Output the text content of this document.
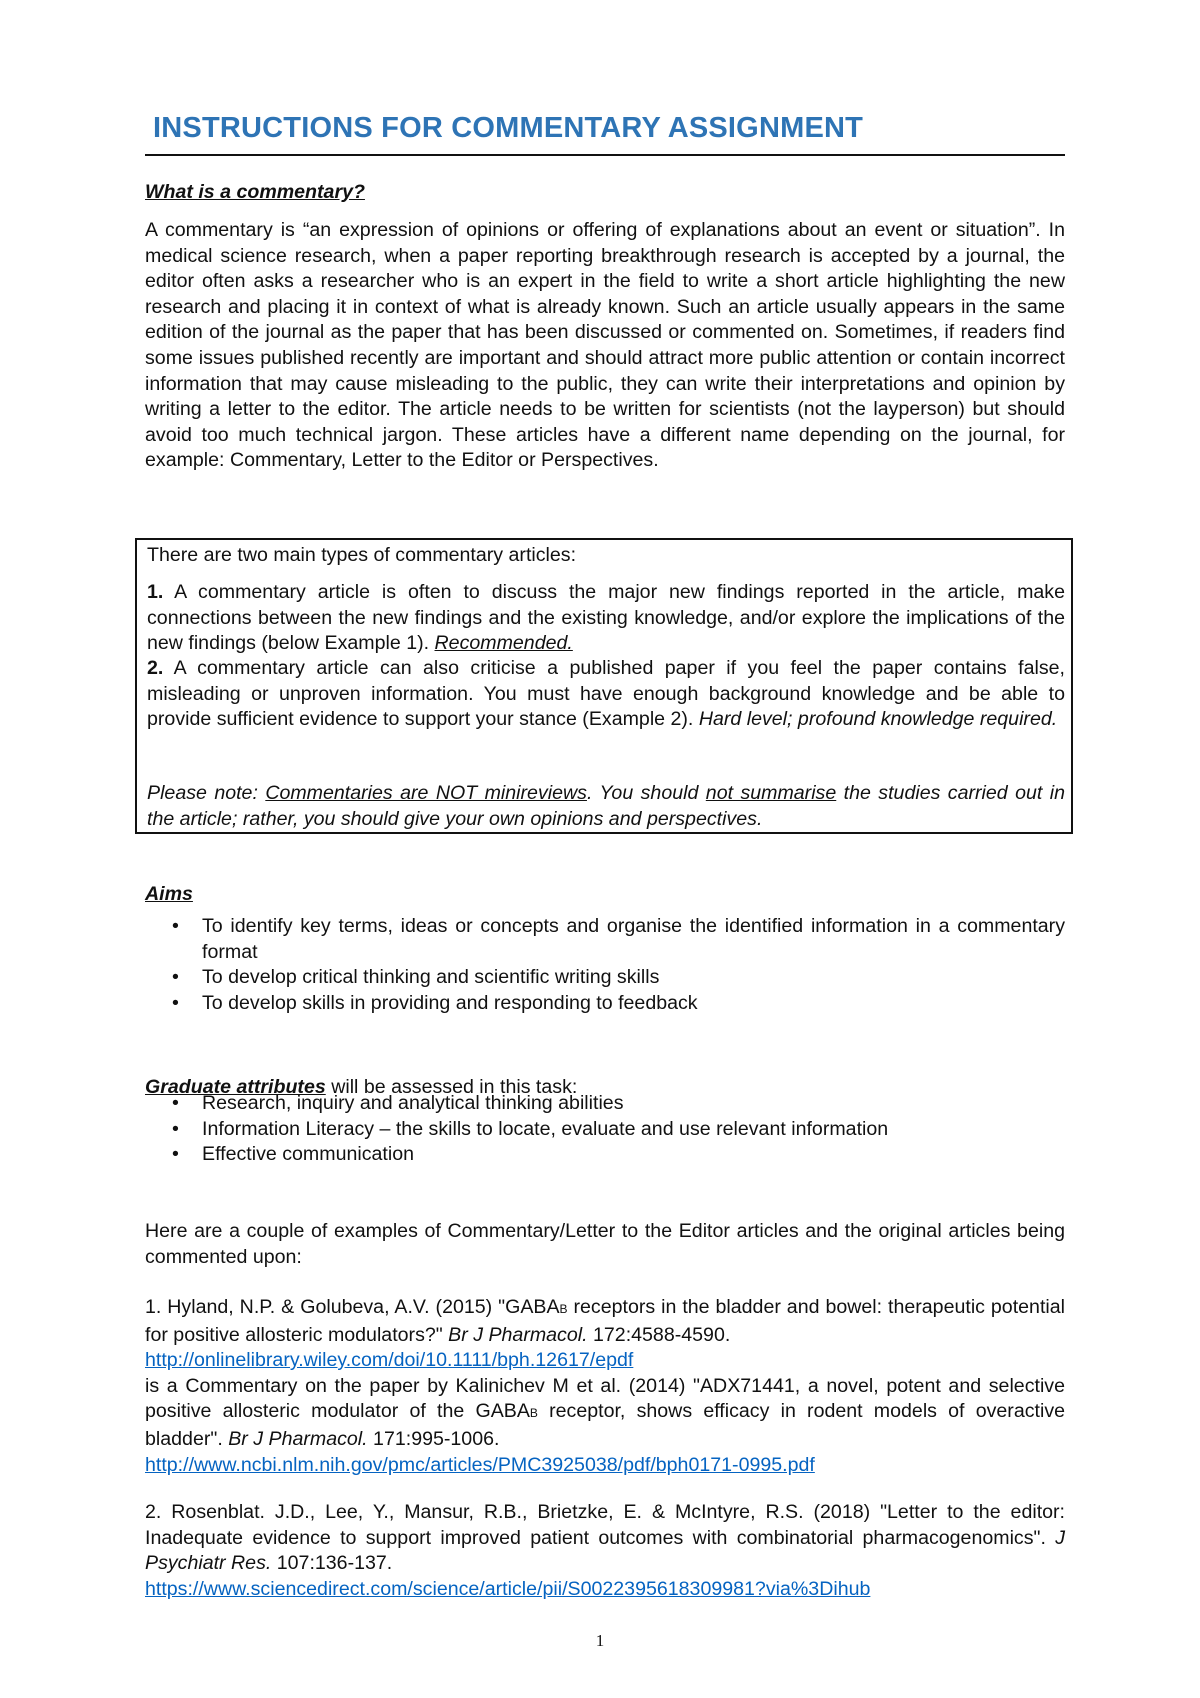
INSTRUCTIONS FOR COMMENTARY ASSIGNMENT

What is a commentary?

A commentary is “an expression of opinions or offering of explanations about an event or situation”. In medical science research, when a paper reporting breakthrough research is accepted by a journal, the editor often asks a researcher who is an expert in the field to write a short article highlighting the new research and placing it in context of what is already known. Such an article usually appears in the same edition of the journal as the paper that has been discussed or commented on. Sometimes, if readers find some issues published recently are important and should attract more public attention or contain incorrect information that may cause misleading to the public, they can write their interpretations and opinion by writing a letter to the editor. The article needs to be written for scientists (not the layperson) but should avoid too much technical jargon. These articles have a different name depending on the journal, for example: Commentary, Letter to the Editor or Perspectives.

There are two main types of commentary articles:

1. A commentary article is often to discuss the major new findings reported in the article, make connections between the new findings and the existing knowledge, and/or explore the implications of the new findings (below Example 1). Recommended.

2. A commentary article can also criticise a published paper if you feel the paper contains false, misleading or unproven information. You must have enough background knowledge and be able to provide sufficient evidence to support your stance (Example 2). Hard level; profound knowledge required.

Please note: Commentaries are NOT minireviews. You should not summarise the studies carried out in the article; rather, you should give your own opinions and perspectives.

Aims

• To identify key terms, ideas or concepts and organise the identified information in a commentary format
• To develop critical thinking and scientific writing skills
• To develop skills in providing and responding to feedback

Graduate attributes will be assessed in this task:

• Research, inquiry and analytical thinking abilities
• Information Literacy – the skills to locate, evaluate and use relevant information
• Effective communication

Here are a couple of examples of Commentary/Letter to the Editor articles and the original articles being commented upon:

1. Hyland, N.P. & Golubeva, A.V. (2015) "GABAB receptors in the bladder and bowel: therapeutic potential for positive allosteric modulators?" Br J Pharmacol. 172:4588-4590.

http://onlinelibrary.wiley.com/doi/10.1111/bph.12617/epdf

is a Commentary on the paper by Kalinichev M et al. (2014) "ADX71441, a novel, potent and selective positive allosteric modulator of the GABAB receptor, shows efficacy in rodent models of overactive bladder". Br J Pharmacol. 171:995-1006.

http://www.ncbi.nlm.nih.gov/pmc/articles/PMC3925038/pdf/bph0171-0995.pdf

2. Rosenblat. J.D., Lee, Y., Mansur, R.B., Brietzke, E. & McIntyre, R.S. (2018) "Letter to the editor: Inadequate evidence to support improved patient outcomes with combinatorial pharmacogenomics". J Psychiatr Res. 107:136-137.

https://www.sciencedirect.com/science/article/pii/S0022395618309981?via%3Dihub

1
